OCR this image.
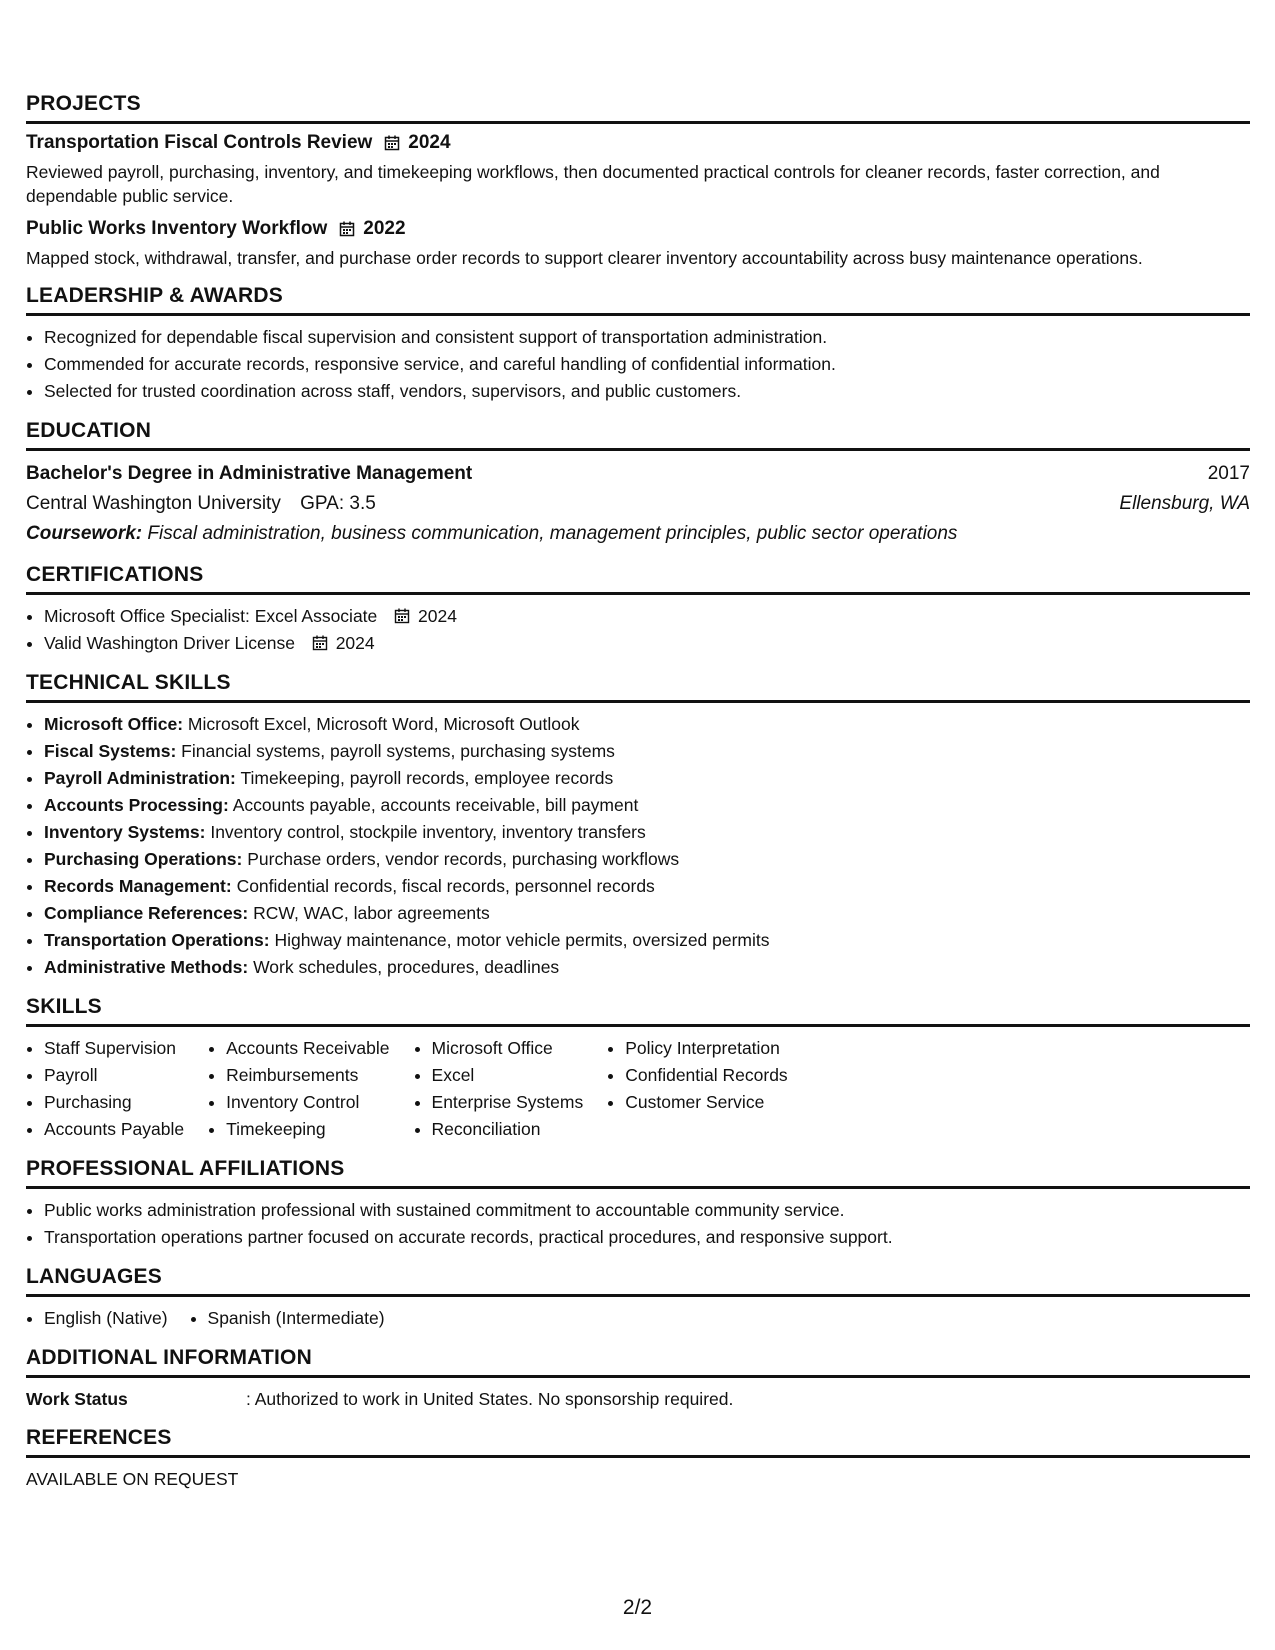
PROJECTS
Transportation Fiscal Controls Review 2024
Reviewed payroll, purchasing, inventory, and timekeeping workflows, then documented practical controls for cleaner records, faster correction, and dependable public service.
Public Works Inventory Workflow 2022
Mapped stock, withdrawal, transfer, and purchase order records to support clearer inventory accountability across busy maintenance operations.
LEADERSHIP & AWARDS
• Recognized for dependable fiscal supervision and consistent support of transportation administration.
• Commended for accurate records, responsive service, and careful handling of confidential information.
• Selected for trusted coordination across staff, vendors, supervisors, and public customers.
EDUCATION
Bachelor's Degree in Administrative Management	2017
Central Washington University GPA: 3.5	Ellensburg, WA
Coursework: Fiscal administration, business communication, management principles, public sector operations
CERTIFICATIONS
• Microsoft Office Specialist: Excel Associate 2024
• Valid Washington Driver License 2024
TECHNICAL SKILLS
• Microsoft Office: Microsoft Excel, Microsoft Word, Microsoft Outlook
• Fiscal Systems: Financial systems, payroll systems, purchasing systems
• Payroll Administration: Timekeeping, payroll records, employee records
• Accounts Processing: Accounts payable, accounts receivable, bill payment
• Inventory Systems: Inventory control, stockpile inventory, inventory transfers
• Purchasing Operations: Purchase orders, vendor records, purchasing workflows
• Records Management: Confidential records, fiscal records, personnel records
• Compliance References: RCW, WAC, labor agreements
• Transportation Operations: Highway maintenance, motor vehicle permits, oversized permits
• Administrative Methods: Work schedules, procedures, deadlines
SKILLS
• Staff Supervision
• Payroll
• Purchasing
• Accounts Payable
• Accounts Receivable
• Reimbursements
• Inventory Control
• Timekeeping
• Microsoft Office
• Excel
• Enterprise Systems
• Reconciliation
• Policy Interpretation
• Confidential Records
• Customer Service
PROFESSIONAL AFFILIATIONS
• Public works administration professional with sustained commitment to accountable community service.
• Transportation operations partner focused on accurate records, practical procedures, and responsive support.
LANGUAGES
• English (Native)
• Spanish (Intermediate)
ADDITIONAL INFORMATION
Work Status	: Authorized to work in United States. No sponsorship required.
REFERENCES
AVAILABLE ON REQUEST
2/2
